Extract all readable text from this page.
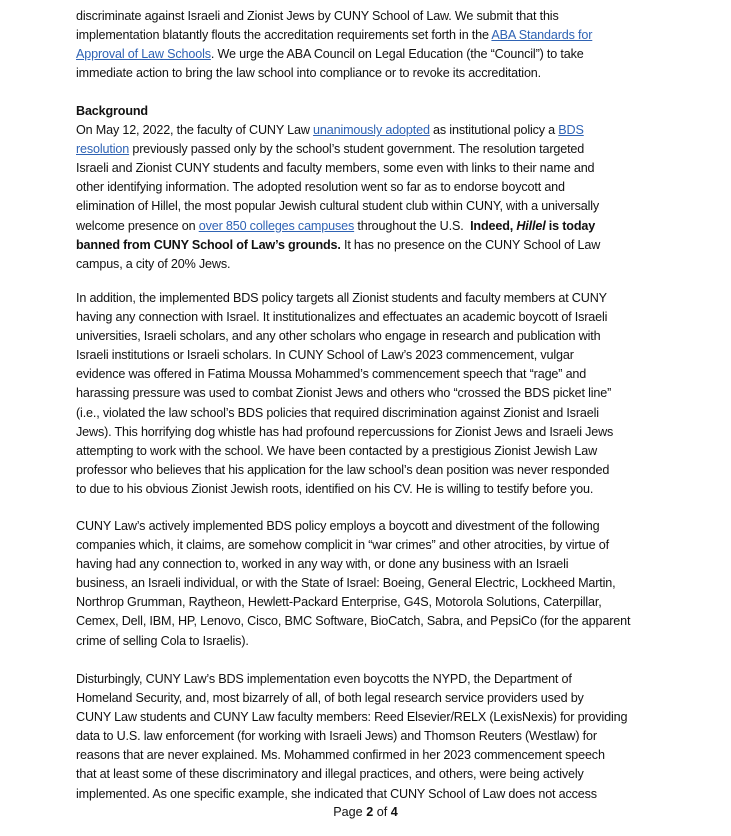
discriminate against Israeli and Zionist Jews by CUNY School of Law. We submit that this
implementation blatantly flouts the accreditation requirements set forth in the ABA Standards for
Approval of Law Schools. We urge the ABA Council on Legal Education (the “Council”) to take
immediate action to bring the law school into compliance or to revoke its accreditation.
Background
On May 12, 2022, the faculty of CUNY Law unanimously adopted as institutional policy a BDS
resolution previously passed only by the school’s student government. The resolution targeted
Israeli and Zionist CUNY students and faculty members, some even with links to their name and
other identifying information. The adopted resolution went so far as to endorse boycott and
elimination of Hillel, the most popular Jewish cultural student club within CUNY, with a universally
welcome presence on over 850 colleges campuses throughout the U.S.  Indeed, Hillel is today
banned from CUNY School of Law’s grounds. It has no presence on the CUNY School of Law
campus, a city of 20% Jews.
In addition, the implemented BDS policy targets all Zionist students and faculty members at CUNY
having any connection with Israel. It institutionalizes and effectuates an academic boycott of Israeli
universities, Israeli scholars, and any other scholars who engage in research and publication with
Israeli institutions or Israeli scholars. In CUNY School of Law’s 2023 commencement, vulgar
evidence was offered in Fatima Moussa Mohammed’s commencement speech that “rage” and
harassing pressure was used to combat Zionist Jews and others who “crossed the BDS picket line”
(i.e., violated the law school’s BDS policies that required discrimination against Zionist and Israeli
Jews). This horrifying dog whistle has had profound repercussions for Zionist Jews and Israeli Jews
attempting to work with the school. We have been contacted by a prestigious Zionist Jewish Law
professor who believes that his application for the law school’s dean position was never responded
to due to his obvious Zionist Jewish roots, identified on his CV. He is willing to testify before you.
CUNY Law’s actively implemented BDS policy employs a boycott and divestment of the following
companies which, it claims, are somehow complicit in “war crimes” and other atrocities, by virtue of
having had any connection to, worked in any way with, or done any business with an Israeli
business, an Israeli individual, or with the State of Israel: Boeing, General Electric, Lockheed Martin,
Northrop Grumman, Raytheon, Hewlett-Packard Enterprise, G4S, Motorola Solutions, Caterpillar,
Cemex, Dell, IBM, HP, Lenovo, Cisco, BMC Software, BioCatch, Sabra, and PepsiCo (for the apparent
crime of selling Cola to Israelis).
Disturbingly, CUNY Law’s BDS implementation even boycotts the NYPD, the Department of
Homeland Security, and, most bizarrely of all, of both legal research service providers used by
CUNY Law students and CUNY Law faculty members: Reed Elsevier/RELX (LexisNexis) for providing
data to U.S. law enforcement (for working with Israeli Jews) and Thomson Reuters (Westlaw) for
reasons that are never explained. Ms. Mohammed confirmed in her 2023 commencement speech
that at least some of these discriminatory and illegal practices, and others, were being actively
implemented. As one specific example, she indicated that CUNY School of Law does not access
Page 2 of 4
